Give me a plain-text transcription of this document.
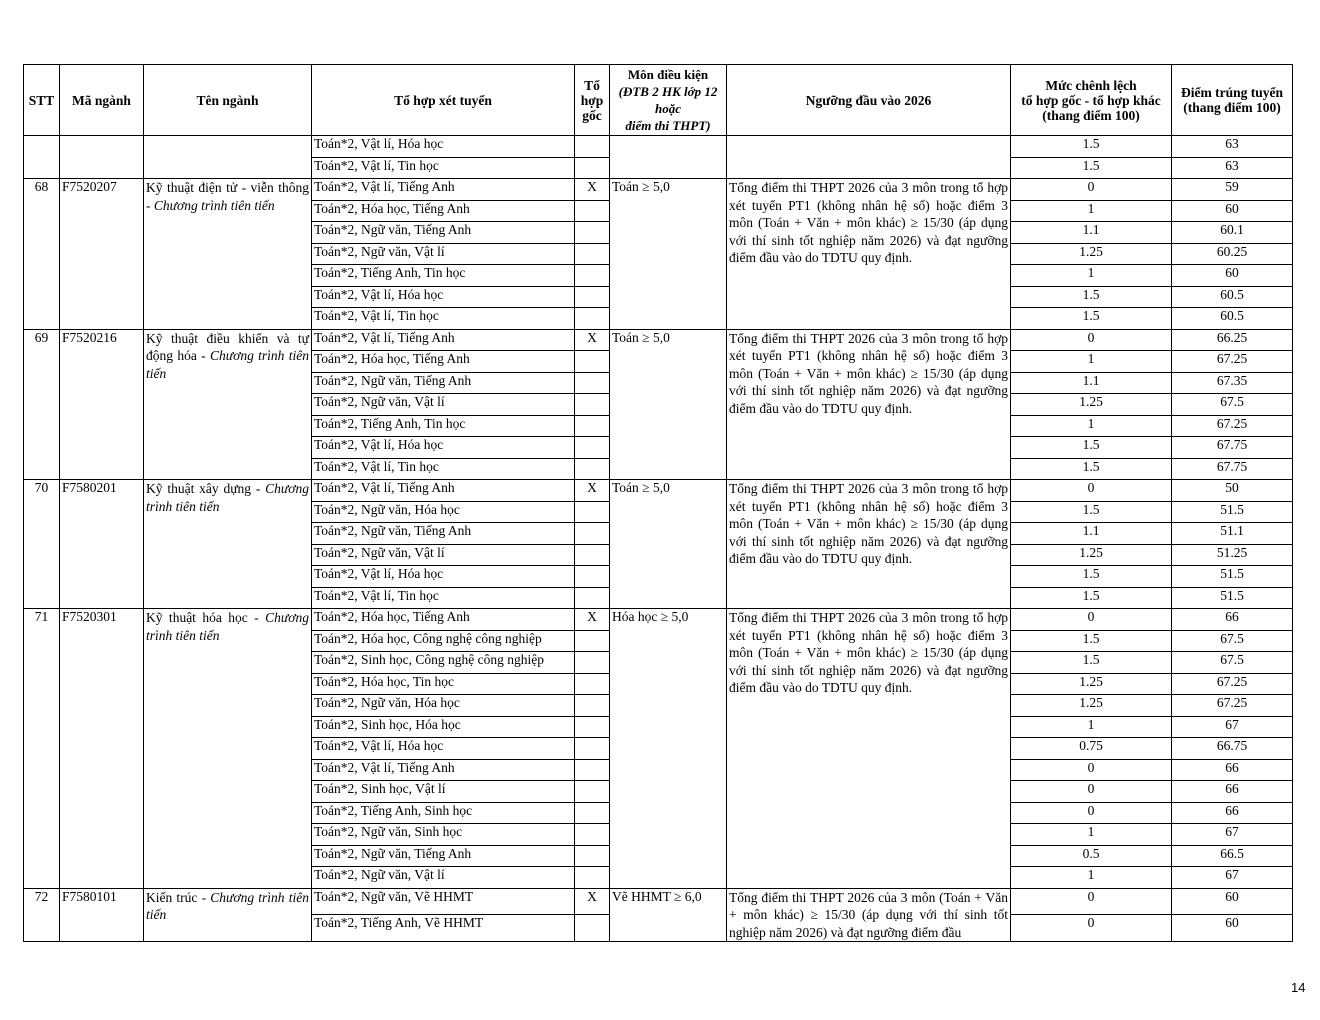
STT	Mã ngành	Tên ngành	Tổ hợp xét tuyển	Tổ
hợp
gốc	Môn điều kiện
(ĐTB 2 HK lớp 12
hoặc
điểm thi THPT)	Ngưỡng đầu vào 2026	Mức chênh lệch
tổ hợp gốc - tổ hợp khác
(thang điểm 100)	Điểm trúng tuyển
(thang điểm 100)
			Toán*2, Vật lí, Hóa học				1.5	63
			Toán*2, Vật lí, Tin học				1.5	63
68	F7520207	Kỹ thuật điện tử - viễn thông - Chương trình tiên tiến	Toán*2, Vật lí, Tiếng Anh	X	Toán ≥ 5,0	Tổng điểm thi THPT 2026 của 3 môn trong tổ hợp xét tuyển PT1 (không nhân hệ số) hoặc điểm 3 môn (Toán + Văn + môn khác) ≥ 15/30 (áp dụng với thí sinh tốt nghiệp năm 2026) và đạt ngưỡng điểm đầu vào do TDTU quy định.	0	59
			Toán*2, Hóa học, Tiếng Anh				1	60
			Toán*2, Ngữ văn, Tiếng Anh				1.1	60.1
			Toán*2, Ngữ văn, Vật lí				1.25	60.25
			Toán*2, Tiếng Anh, Tin học				1	60
			Toán*2, Vật lí, Hóa học				1.5	60.5
			Toán*2, Vật lí, Tin học				1.5	60.5
69	F7520216	Kỹ thuật điều khiển và tự động hóa - Chương trình tiên tiến	Toán*2, Vật lí, Tiếng Anh	X	Toán ≥ 5,0	Tổng điểm thi THPT 2026 của 3 môn trong tổ hợp xét tuyển PT1 (không nhân hệ số) hoặc điểm 3 môn (Toán + Văn + môn khác) ≥ 15/30 (áp dụng với thí sinh tốt nghiệp năm 2026) và đạt ngưỡng điểm đầu vào do TDTU quy định.	0	66.25
			Toán*2, Hóa học, Tiếng Anh				1	67.25
			Toán*2, Ngữ văn, Tiếng Anh				1.1	67.35
			Toán*2, Ngữ văn, Vật lí				1.25	67.5
			Toán*2, Tiếng Anh, Tin học				1	67.25
			Toán*2, Vật lí, Hóa học				1.5	67.75
			Toán*2, Vật lí, Tin học				1.5	67.75
70	F7580201	Kỹ thuật xây dựng - Chương trình tiên tiến	Toán*2, Vật lí, Tiếng Anh	X	Toán ≥ 5,0	Tổng điểm thi THPT 2026 của 3 môn trong tổ hợp xét tuyển PT1 (không nhân hệ số) hoặc điểm 3 môn (Toán + Văn + môn khác) ≥ 15/30 (áp dụng với thí sinh tốt nghiệp năm 2026) và đạt ngưỡng điểm đầu vào do TDTU quy định.	0	50
			Toán*2, Ngữ văn, Hóa học				1.5	51.5
			Toán*2, Ngữ văn, Tiếng Anh				1.1	51.1
			Toán*2, Ngữ văn, Vật lí				1.25	51.25
			Toán*2, Vật lí, Hóa học				1.5	51.5
			Toán*2, Vật lí, Tin học				1.5	51.5
71	F7520301	Kỹ thuật hóa học - Chương trình tiên tiến	Toán*2, Hóa học, Tiếng Anh	X	Hóa học ≥ 5,0	Tổng điểm thi THPT 2026 của 3 môn trong tổ hợp xét tuyển PT1 (không nhân hệ số) hoặc điểm 3 môn (Toán + Văn + môn khác) ≥ 15/30 (áp dụng với thí sinh tốt nghiệp năm 2026) và đạt ngưỡng điểm đầu vào do TDTU quy định.	0	66
			Toán*2, Hóa học, Công nghệ công nghiệp				1.5	67.5
			Toán*2, Sinh học, Công nghệ công nghiệp				1.5	67.5
			Toán*2, Hóa học, Tin học				1.25	67.25
			Toán*2, Ngữ văn, Hóa học				1.25	67.25
			Toán*2, Sinh học, Hóa học				1	67
			Toán*2, Vật lí, Hóa học				0.75	66.75
			Toán*2, Vật lí, Tiếng Anh				0	66
			Toán*2, Sinh học, Vật lí				0	66
			Toán*2, Tiếng Anh, Sinh học				0	66
			Toán*2, Ngữ văn, Sinh học				1	67
			Toán*2, Ngữ văn, Tiếng Anh				0.5	66.5
			Toán*2, Ngữ văn, Vật lí				1	67
72	F7580101	Kiến trúc - Chương trình tiên tiến	Toán*2, Ngữ văn, Vẽ HHMT	X	Vẽ HHMT ≥ 6,0	Tổng điểm thi THPT 2026 của 3 môn (Toán + Văn + môn khác) ≥ 15/30 (áp dụng với thí sinh tốt nghiệp năm 2026) và đạt ngưỡng điểm đầu	0	60
			Toán*2, Tiếng Anh, Vẽ HHMT				0	60
14
